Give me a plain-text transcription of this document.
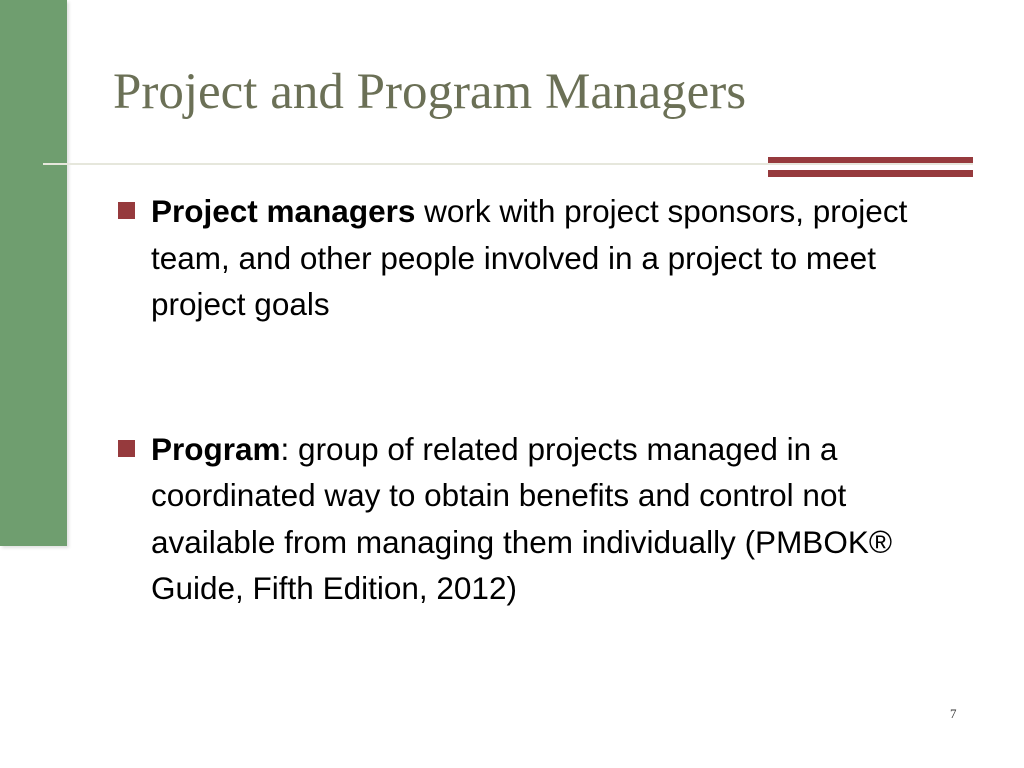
Project and Program Managers
Project managers work with project sponsors, project team, and other people involved in a project to meet project goals
Program: group of related projects managed in a coordinated way to obtain benefits and control not available from managing them individually (PMBOK® Guide, Fifth Edition, 2012)
7
